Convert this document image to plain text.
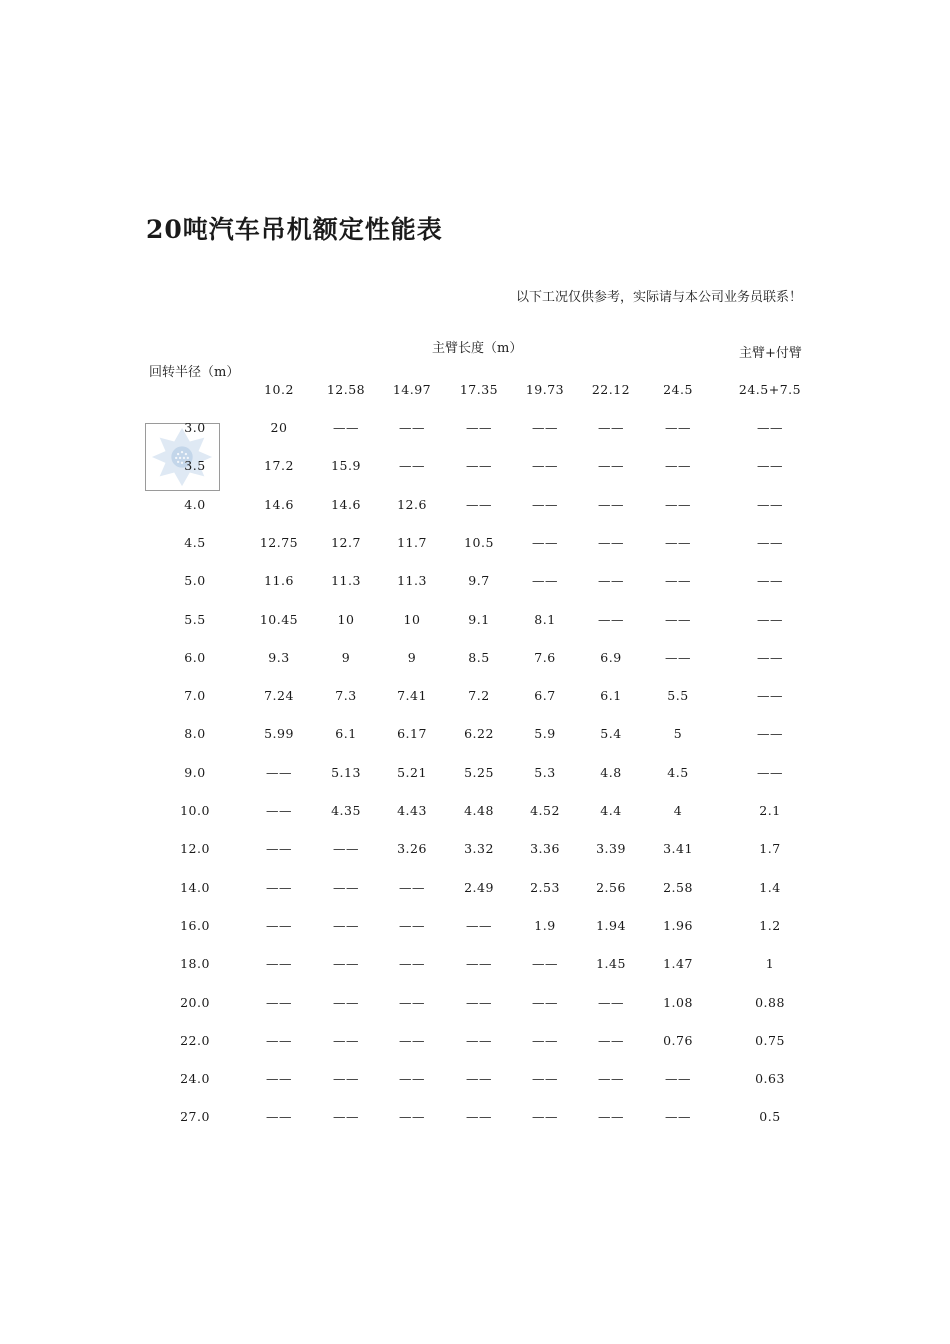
20吨汽车吊机额定性能表
以下工况仅供参考，实际请与本公司业务员联系！
主臂长度（m）	主臂+付臂
回转半径（m）
10.2	12.58 14.97 17.35 19.73 22.12	24.5	24.5+7.5
3.0	20	——	——	——	——	——	——	——
3.5	17.2	15.9	——	——	——	——	——	——
4.0	14.6	14.6	12.6	——	——	——	——	——
4.5	12.75	12.7	11.7	10.5	——	——	——	——
5.0	11.6	11.3	11.3	9.7	——	——	——	——
5.5	10.45	10	10	9.1	8.1	——	——	——
6.0	9.3	9	9	8.5	7.6	6.9	——	——
7.0	7.24	7.3	7.41	7.2	6.7	6.1	5.5	——
8.0	5.99	6.1	6.17	6.22	5.9	5.4	5	——
9.0	——	5.13	5.21	5.25	5.3	4.8	4.5	——
10.0	——	4.35	4.43	4.48	4.52	4.4	4	2.1
12.0	——	——	3.26	3.32	3.36	3.39	3.41	1.7
14.0	——	——	——	2.49	2.53	2.56	2.58	1.4
16.0	——	——	——	——	1.9	1.94	1.96	1.2
18.0	——	——	——	——	——	1.45	1.47	1
20.0	——	——	——	——	——	——	1.08	0.88
22.0	——	——	——	——	——	——	0.76	0.75
24.0	——	——	——	——	——	——	——	0.63
27.0	——	——	——	——	——	——	——	0.5
